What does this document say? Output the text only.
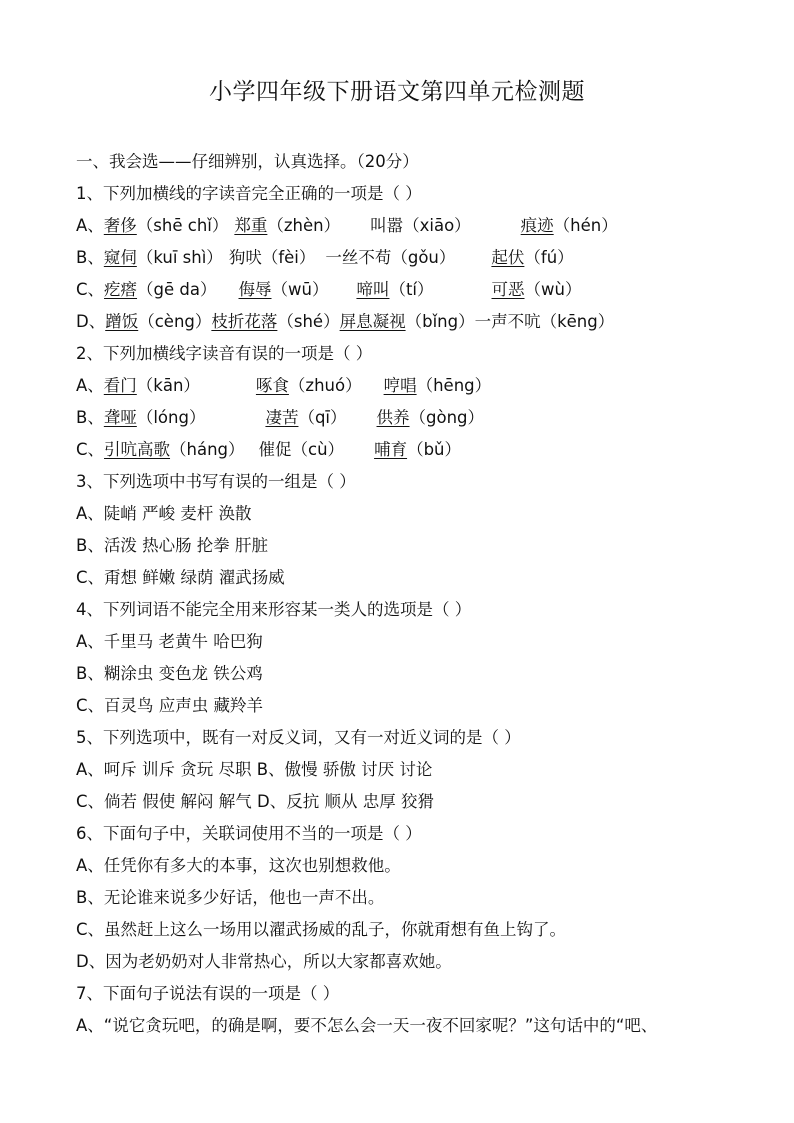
小学四年级下册语文第四单元检测题
一、我会选——仔细辨别，认真选择。（20分）
1、下列加横线的字读音完全正确的一项是（ ）
A、奢侈（shē chǐ） 郑重（zhèn） 叫嚣（xiāo）	痕迹（hén）
B、窥伺（kuī shì） 狗吠（fèi） 一丝不苟（gǒu） 起伏（fú）
C、疙瘩（gē da） 侮辱（wū） 啼叫（tí）	可恶（wù）
D、蹭饭（cèng）枝折花落（shé）屏息凝视（bǐng）一声不吭（kēng）
2、下列加横线字读音有误的一项是（ ）
A、看门（kān）	啄食（zhuó） 哼唱（hēng）
B、聋哑（lóng）	凄苦（qī） 供养（gòng）
C、引吭高歌（háng） 催促（cù） 哺育（bǔ）
3、下列选项中书写有误的一组是（ ）
A、陡峭 严峻 麦杆 涣散
B、活泼 热心肠 抡拳 肝脏
C、甭想 鲜嫩 绿荫 濯武扬威
4、下列词语不能完全用来形容某一类人的选项是（ ）
A、千里马 老黄牛 哈巴狗
B、糊涂虫 变色龙 铁公鸡
C、百灵鸟 应声虫 藏羚羊
5、下列选项中，既有一对反义词，又有一对近义词的是（ ）
A、呵斥 训斥 贪玩 尽职 B、傲慢 骄傲 讨厌 讨论
C、倘若 假使 解闷 解气 D、反抗 顺从 忠厚 狡猾
6、下面句子中，关联词使用不当的一项是（ ）
A、任凭你有多大的本事，这次也别想救他。
B、无论谁来说多少好话，他也一声不出。
C、虽然赶上这么一场用以濯武扬威的乱子，你就甭想有鱼上钩了。
D、因为老奶奶对人非常热心，所以大家都喜欢她。
7、下面句子说法有误的一项是（ ）
A、“说它贪玩吧，的确是啊，要不怎么会一天一夜不回家呢？”这句话中的“吧、
